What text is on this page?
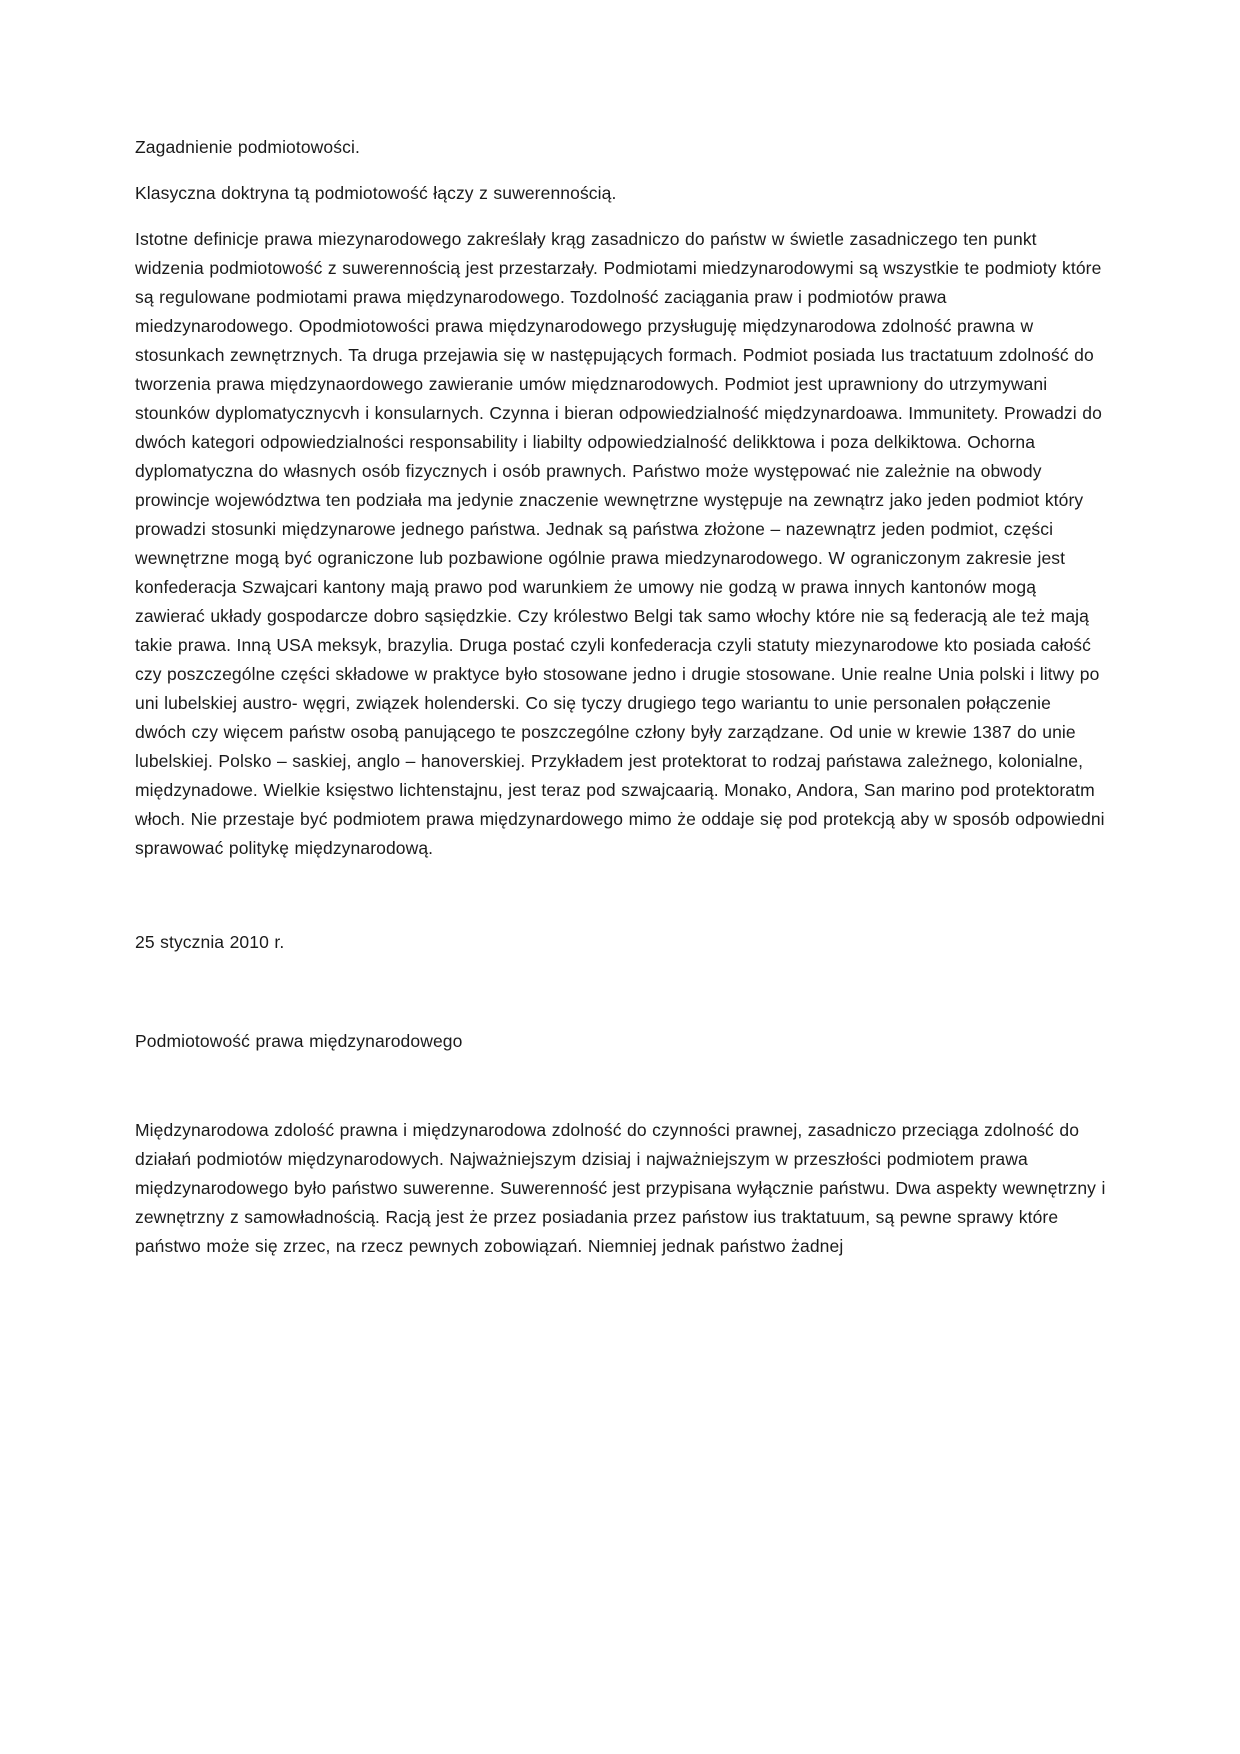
Zagadnienie podmiotowości.

Klasyczna doktryna tą podmiotowość łączy z suwerennością.

Istotne definicje prawa miezynarodowego zakreślały krąg zasadniczo do państw w świetle zasadniczego ten punkt widzenia podmiotowość z suwerennością jest przestarzały. Podmiotami miedzynarodowymi są wszystkie te podmioty które są regulowane podmiotami prawa międzynarodowego. Tozdolność zaciągania praw i podmiotów prawa miedzynarodowego. Opodmiotowości prawa międzynarodowego przysługuję międzynarodowa zdolność prawna w stosunkach zewnętrznych. Ta druga przejawia się w następujących formach. Podmiot posiada Ius tractatuum zdolność do tworzenia prawa międzynaordowego zawieranie umów międznarodowych. Podmiot jest uprawniony do utrzymywani stounków dyplomatycznycvh i konsularnych. Czynna i bieran odpowiedzialność międzynardoawa. Immunitety. Prowadzi do dwóch kategori odpowiedzialności responsability i liabilty odpowiedzialność delikktowa i poza delkiktowa. Ochorna dyplomatyczna do własnych osób fizycznych i osób prawnych. Państwo może występować nie zależnie na obwody prowincje województwa ten podziała ma jedynie znaczenie wewnętrzne występuje na zewnątrz jako jeden podmiot który prowadzi stosunki międzynarowe jednego państwa. Jednak są państwa złożone – nazewnątrz jeden podmiot, części wewnętrzne mogą być ograniczone lub pozbawione ogólnie prawa miedzynarodowego. W ograniczonym zakresie jest konfederacja Szwajcari kantony mają prawo pod warunkiem że umowy nie godzą w prawa innych kantonów mogą zawierać układy gospodarcze dobro sąsiędzkie. Czy królestwo Belgi tak samo włochy które nie są federacją ale też mają takie prawa. Inną USA meksyk, brazylia. Druga postać czyli konfederacja czyli statuty miezynarodowe kto posiada całość czy poszczególne części składowe w praktyce było stosowane jedno i drugie stosowane. Unie realne Unia polski i litwy po uni lubelskiej austro- węgri, związek holenderski. Co się tyczy drugiego tego wariantu to unie personalen połączenie dwóch czy więcem państw osobą panującego te poszczególne człony były zarządzane. Od unie w krewie 1387 do unie lubelskiej. Polsko – saskiej, anglo – hanoverskiej. Przykładem jest protektorat to rodzaj państawa zależnego, kolonialne, międzynadowe. Wielkie księstwo lichtenstajnu, jest teraz pod szwajcaarią. Monako, Andora, San marino pod protektoratm włoch. Nie przestaje być podmiotem prawa międzynardowego mimo że oddaje się pod protekcją aby w sposób odpowiedni sprawować politykę międzynarodową.

25 stycznia 2010 r.

Podmiotowość prawa międzynarodowego

Międzynarodowa zdolość prawna i międzynarodowa zdolność do czynności prawnej, zasadniczo przeciąga zdolność do działań podmiotów międzynarodowych. Najważniejszym dzisiaj i najważniejszym w przeszłości podmiotem prawa międzynarodowego było państwo suwerenne. Suwerenność jest przypisana wyłącznie państwu. Dwa aspekty wewnętrzny i zewnętrzny z samowładnością. Racją jest że przez posiadania przez państow ius traktatuum, są pewne sprawy które państwo może się zrzec, na rzecz pewnych zobowiązań. Niemniej jednak państwo żadnej
